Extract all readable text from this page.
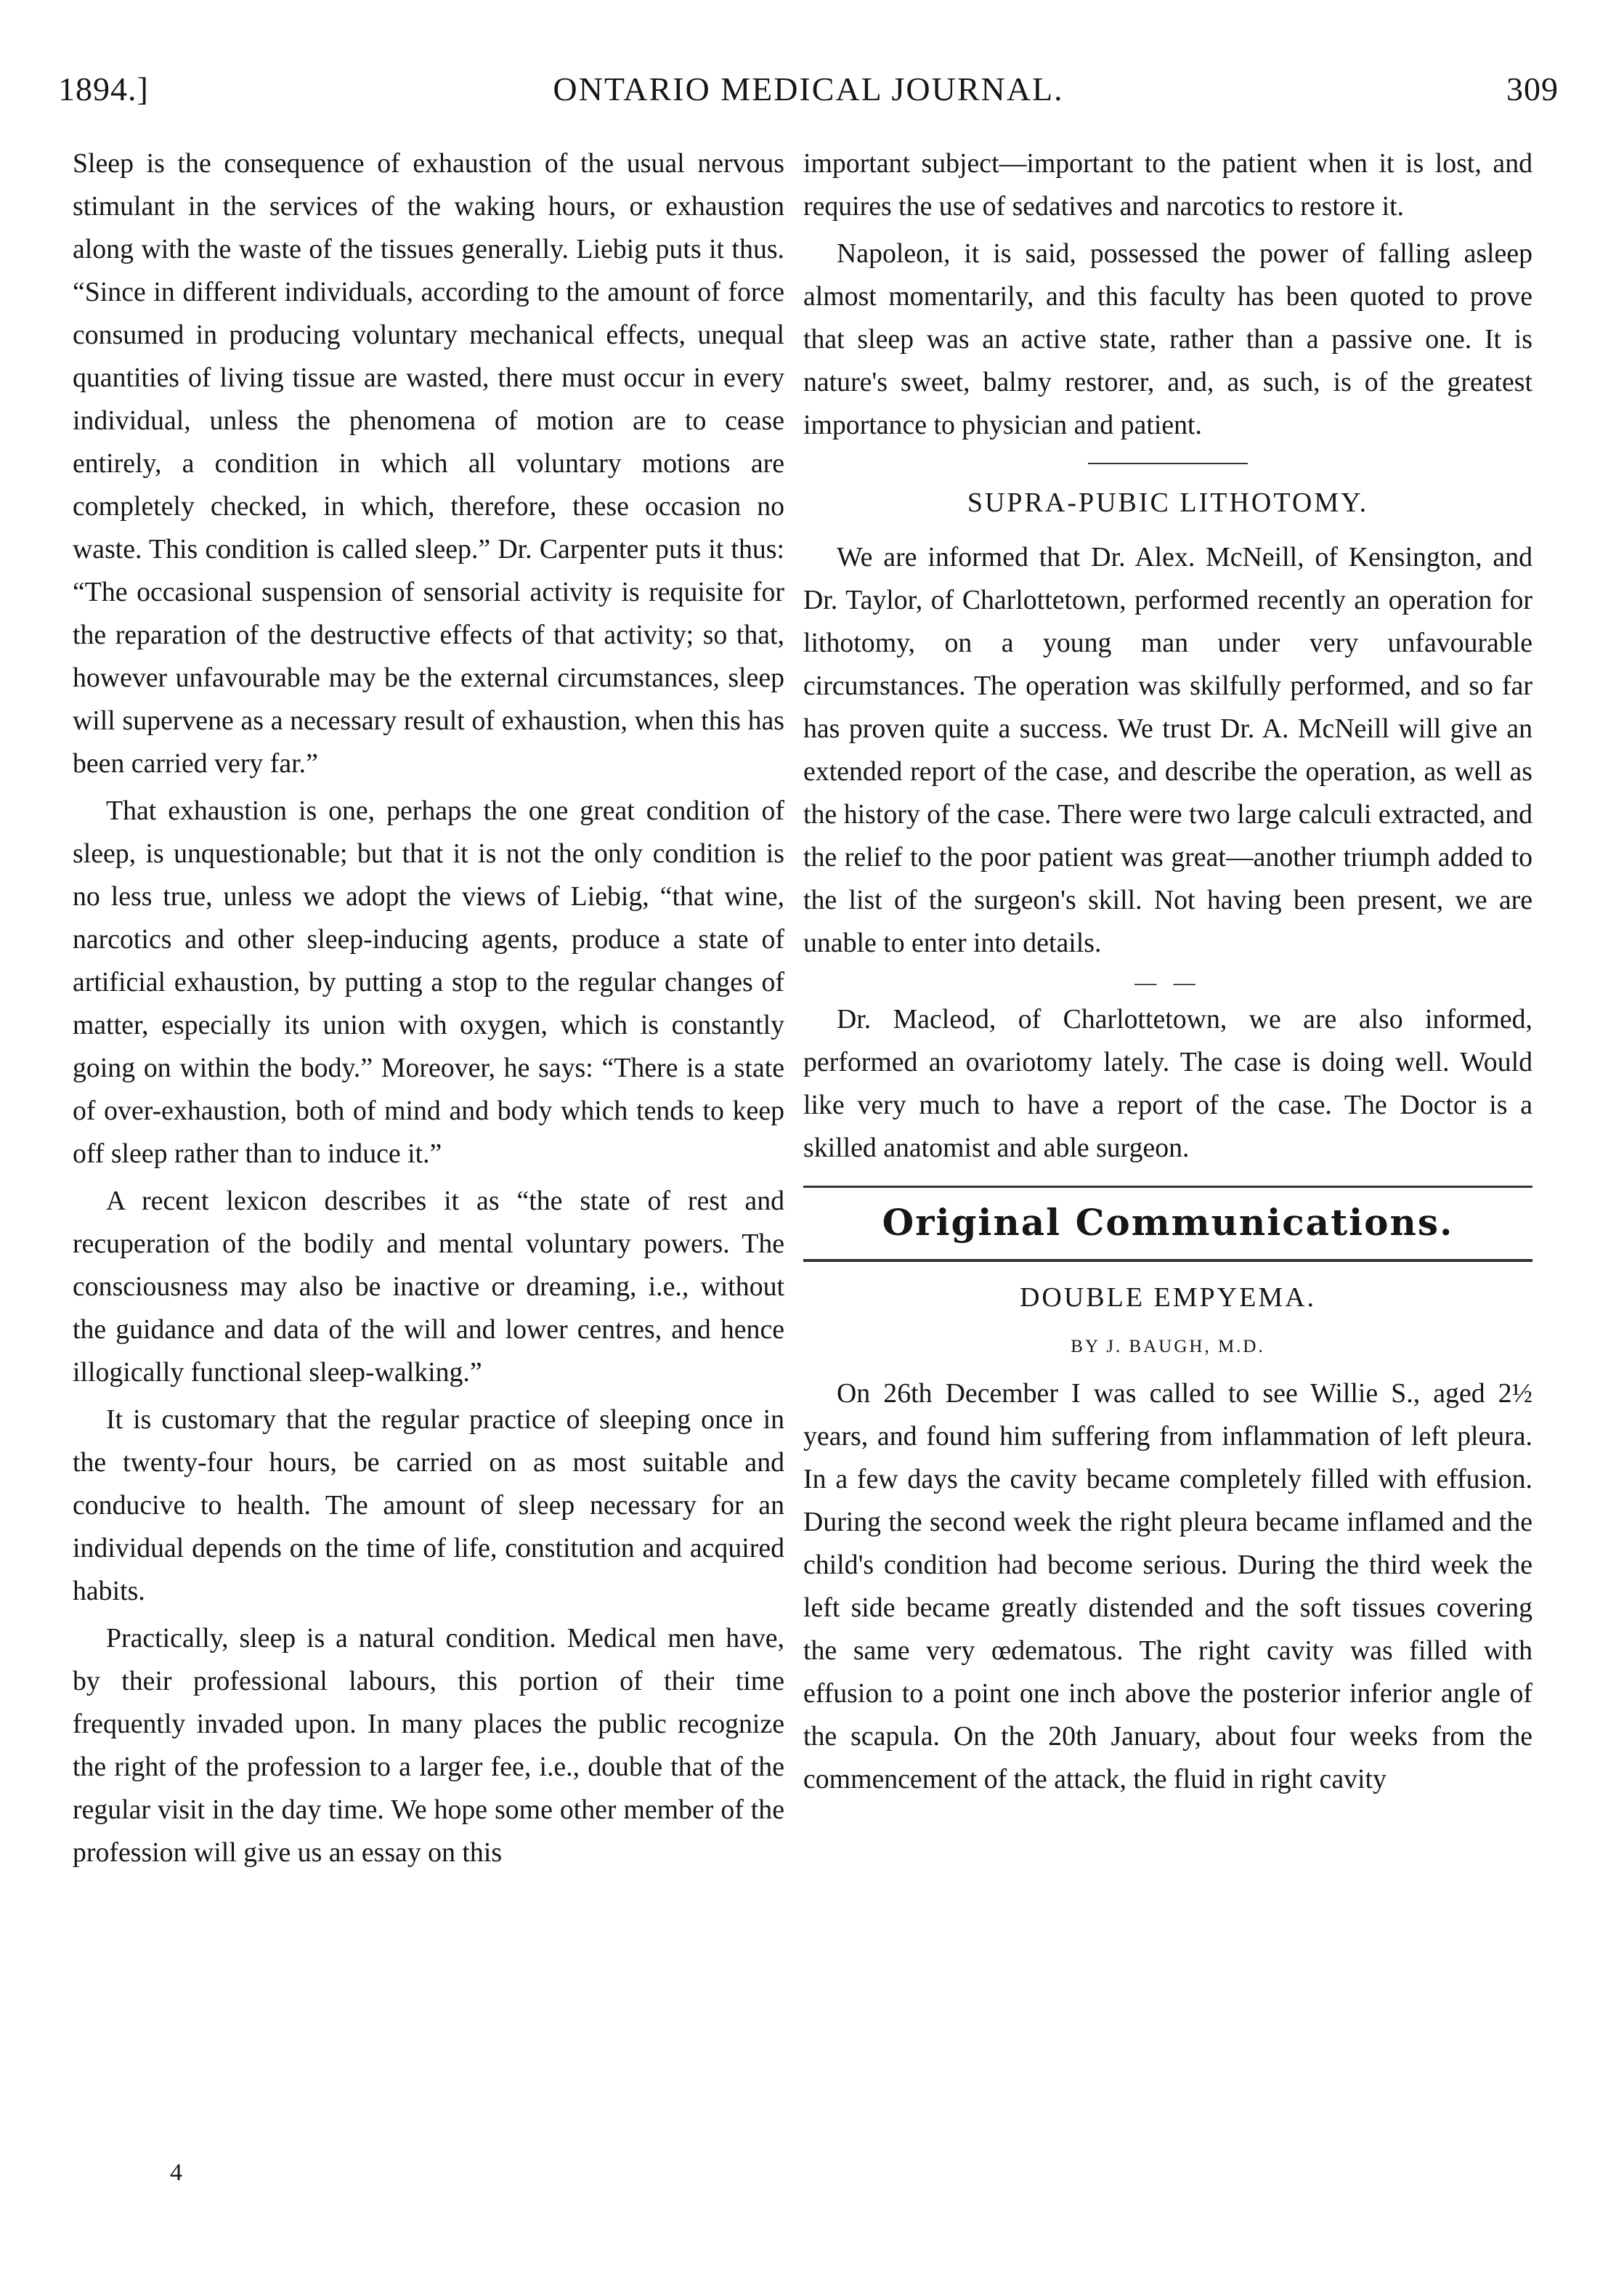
1894.]	ONTARIO MEDICAL JOURNAL.	309

Sleep is the consequence of exhaustion of the usual nervous stimulant in the services of the waking hours, or exhaustion along with the waste of the tissues generally. Liebig puts it thus. “Since in different individuals, according to the amount of force consumed in producing voluntary mechanical effects, unequal quantities of living tissue are wasted, there must occur in every individual, unless the phenomena of motion are to cease entirely, a condition in which all voluntary motions are completely checked, in which, therefore, these occasion no waste. This condition is called sleep.” Dr. Carpenter puts it thus: “The occasional suspension of sensorial activity is requisite for the reparation of the destructive effects of that activity; so that, however unfavourable may be the external circumstances, sleep will supervene as a necessary result of exhaustion, when this has been carried very far.”

That exhaustion is one, perhaps the one great condition of sleep, is unquestionable; but that it is not the only condition is no less true, unless we adopt the views of Liebig, “that wine, narcotics and other sleep-inducing agents, produce a state of artificial exhaustion, by putting a stop to the regular changes of matter, especially its union with oxygen, which is constantly going on within the body.” Moreover, he says: “There is a state of over-exhaustion, both of mind and body which tends to keep off sleep rather than to induce it.”

A recent lexicon describes it as “the state of rest and recuperation of the bodily and mental voluntary powers. The consciousness may also be inactive or dreaming, i.e., without the guidance and data of the will and lower centres, and hence illogically functional sleep-walking.”

It is customary that the regular practice of sleeping once in the twenty-four hours, be carried on as most suitable and conducive to health. The amount of sleep necessary for an individual depends on the time of life, constitution and acquired habits.

Practically, sleep is a natural condition. Medical men have, by their professional labours, this portion of their time frequently invaded upon. In many places the public recognize the right of the profession to a larger fee, i.e., double that of the regular visit in the day time. We hope some other member of the profession will give us an essay on this

important subject—important to the patient when it is lost, and requires the use of sedatives and narcotics to restore it.

Napoleon, it is said, possessed the power of falling asleep almost momentarily, and this faculty has been quoted to prove that sleep was an active state, rather than a passive one. It is nature's sweet, balmy restorer, and, as such, is of the greatest importance to physician and patient.

SUPRA-PUBIC LITHOTOMY.

We are informed that Dr. Alex. McNeill, of Kensington, and Dr. Taylor, of Charlottetown, performed recently an operation for lithotomy, on a young man under very unfavourable circumstances. The operation was skilfully performed, and so far has proven quite a success. We trust Dr. A. McNeill will give an extended report of the case, and describe the operation, as well as the history of the case. There were two large calculi extracted, and the relief to the poor patient was great—another triumph added to the list of the surgeon's skill. Not having been present, we are unable to enter into details.

— —

Dr. Macleod, of Charlottetown, we are also informed, performed an ovariotomy lately. The case is doing well. Would like very much to have a report of the case. The Doctor is a skilled anatomist and able surgeon.

Original Communications.
DOUBLE EMPYEMA.
BY J. BAUGH, M.D.

On 26th December I was called to see Willie S., aged 2½ years, and found him suffering from inflammation of left pleura. In a few days the cavity became completely filled with effusion. During the second week the right pleura became inflamed and the child's condition had become serious. During the third week the left side became greatly distended and the soft tissues covering the same very œdematous. The right cavity was filled with effusion to a point one inch above the posterior inferior angle of the scapula. On the 20th January, about four weeks from the commencement of the attack, the fluid in right cavity

4
